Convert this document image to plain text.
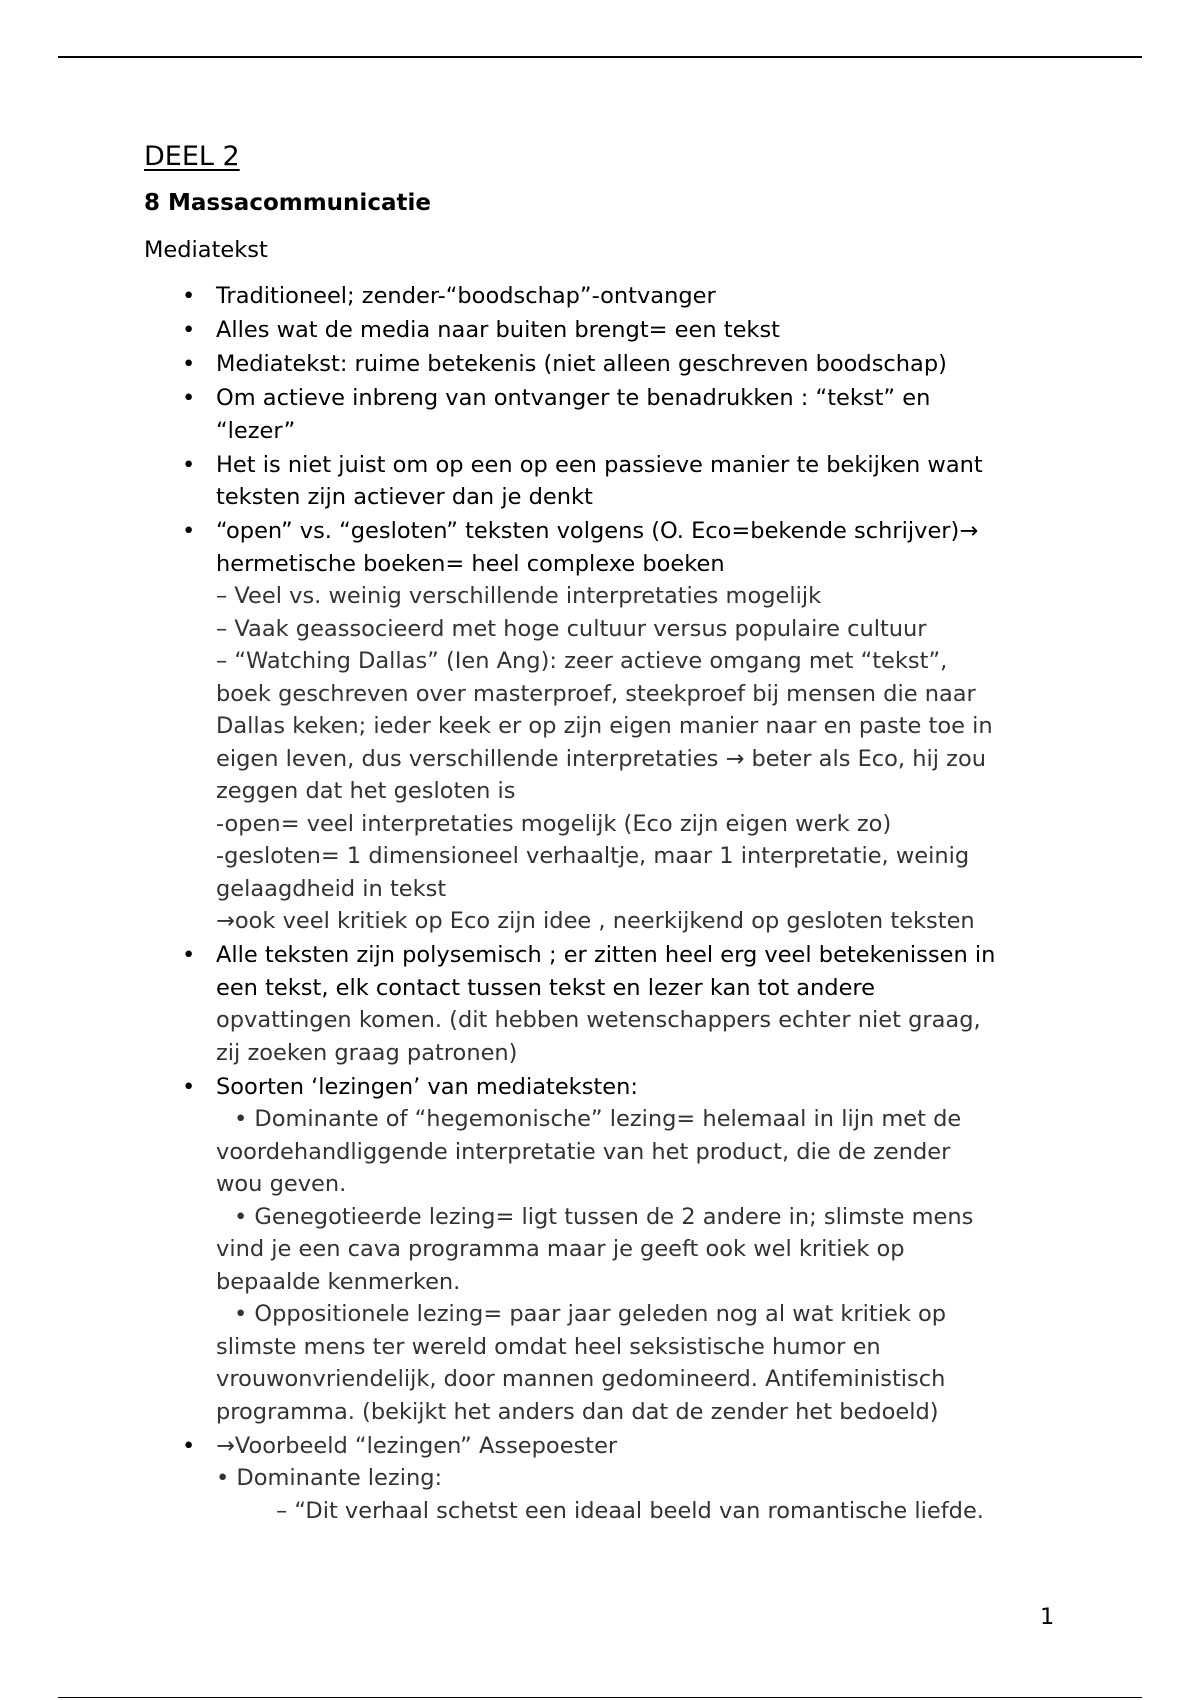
DEEL 2
8 Massacommunicatie
Mediatekst
• Traditioneel; zender-“boodschap”-ontvanger
• Alles wat de media naar buiten brengt= een tekst
• Mediatekst: ruime betekenis (niet alleen geschreven boodschap)
• Om actieve inbreng van ontvanger te benadrukken : “tekst” en
“lezer”
• Het is niet juist om op een op een passieve manier te bekijken want
teksten zijn actiever dan je denkt
• “open” vs. “gesloten” teksten volgens (O. Eco=bekende schrijver)→
hermetische boeken= heel complexe boeken
– Veel vs. weinig verschillende interpretaties mogelijk
– Vaak geassocieerd met hoge cultuur versus populaire cultuur
– “Watching Dallas” (Ien Ang): zeer actieve omgang met “tekst”,
boek geschreven over masterproef, steekproef bij mensen die naar
Dallas keken; ieder keek er op zijn eigen manier naar en paste toe in
eigen leven, dus verschillende interpretaties → beter als Eco, hij zou
zeggen dat het gesloten is
-open= veel interpretaties mogelijk (Eco zijn eigen werk zo)
-gesloten= 1 dimensioneel verhaaltje, maar 1 interpretatie, weinig
gelaagdheid in tekst
→ook veel kritiek op Eco zijn idee , neerkijkend op gesloten teksten
• Alle teksten zijn polysemisch ; er zitten heel erg veel betekenissen in
een tekst, elk contact tussen tekst en lezer kan tot andere
opvattingen komen. (dit hebben wetenschappers echter niet graag,
zij zoeken graag patronen)
• Soorten ‘lezingen’ van mediateksten:
• Dominante of “hegemonische” lezing= helemaal in lijn met de
voordehandliggende interpretatie van het product, die de zender
wou geven.
• Genegotieerde lezing= ligt tussen de 2 andere in; slimste mens
vind je een cava programma maar je geeft ook wel kritiek op
bepaalde kenmerken.
• Oppositionele lezing= paar jaar geleden nog al wat kritiek op
slimste mens ter wereld omdat heel seksistische humor en
vrouwonvriendelijk, door mannen gedomineerd. Antifeministisch
programma. (bekijkt het anders dan dat de zender het bedoeld)
• →Voorbeeld “lezingen” Assepoester
• Dominante lezing:
– “Dit verhaal schetst een ideaal beeld van romantische liefde.
1
